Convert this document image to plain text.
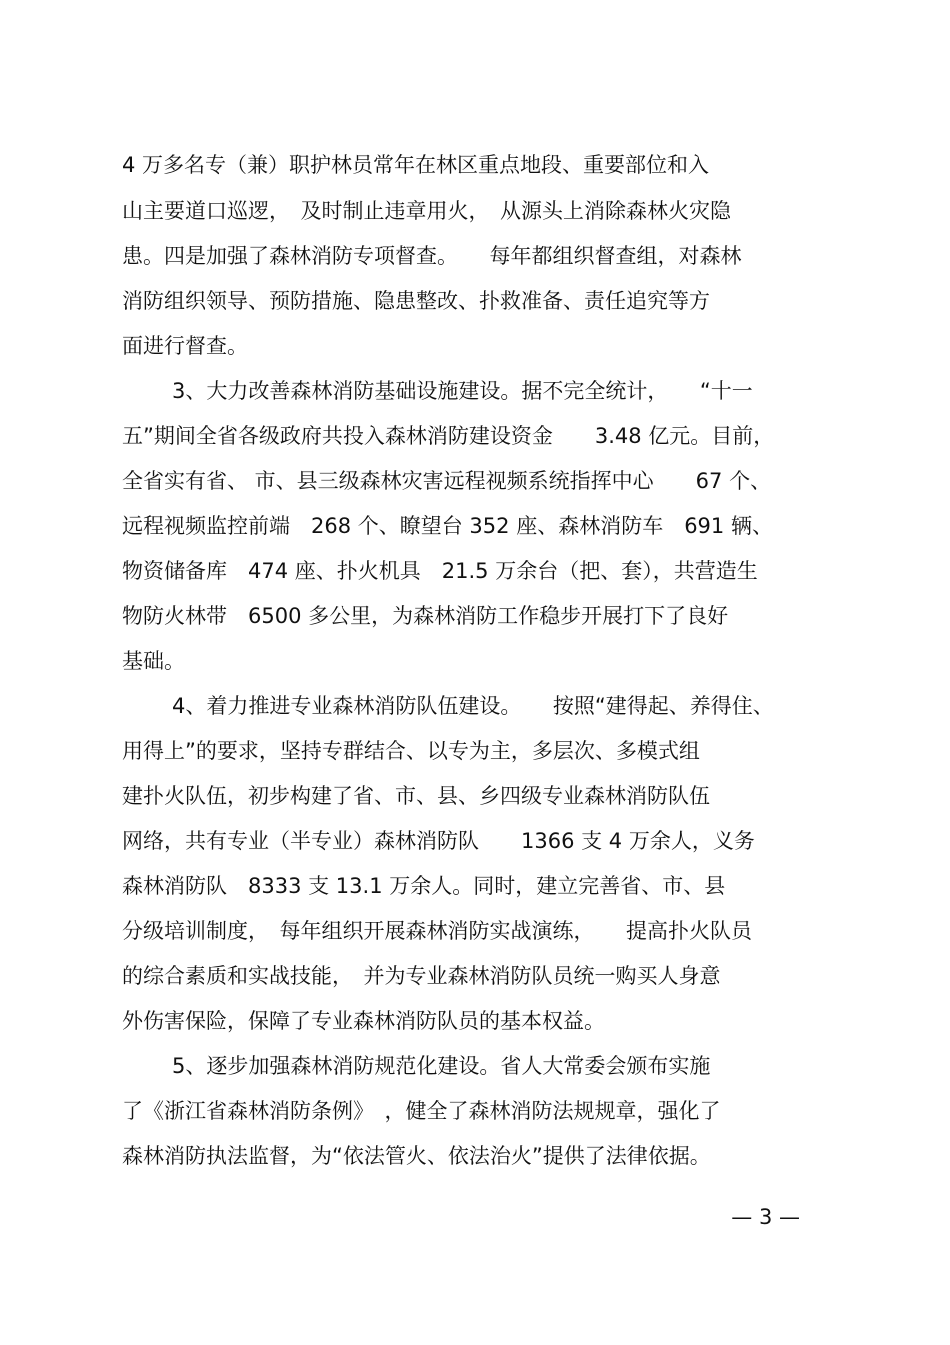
4 万多名专（兼）职护林员常年在林区重点地段、重要部位和入
山主要道口巡逻，　及时制止违章用火，　从源头上消除森林火灾隐
患。四是加强了森林消防专项督查。　　每年都组织督查组，对森林
消防组织领导、预防措施、隐患整改、扑救准备、责任追究等方
面进行督查。
3、大力改善森林消防基础设施建设。据不完全统计，　　“十一
五”期间全省各级政府共投入森林消防建设资金　　3.48 亿元。目前，
全省实有省、 市、县三级森林灾害远程视频系统指挥中心　　67 个、
远程视频监控前端　268 个、瞭望台 352 座、森林消防车　691 辆、
物资储备库　474 座、扑火机具　21.5 万余台（把、套），共营造生
物防火林带　6500 多公里，为森林消防工作稳步开展打下了良好
基础。
4、着力推进专业森林消防队伍建设。　　按照“建得起、养得住、
用得上”的要求，坚持专群结合、以专为主，多层次、多模式组
建扑火队伍，初步构建了省、市、县、乡四级专业森林消防队伍
网络，共有专业（半专业）森林消防队　　1366 支 4 万余人，义务
森林消防队　8333 支 13.1 万余人。同时，建立完善省、市、县
分级培训制度，　每年组织开展森林消防实战演练，　　提高扑火队员
的综合素质和实战技能，　并为专业森林消防队员统一购买人身意
外伤害保险，保障了专业森林消防队员的基本权益。
5、逐步加强森林消防规范化建设。省人大常委会颁布实施
了《浙江省森林消防条例》　，健全了森林消防法规规章，强化了
森林消防执法监督，为“依法管火、依法治火”提供了法律依据。
— 3 —
